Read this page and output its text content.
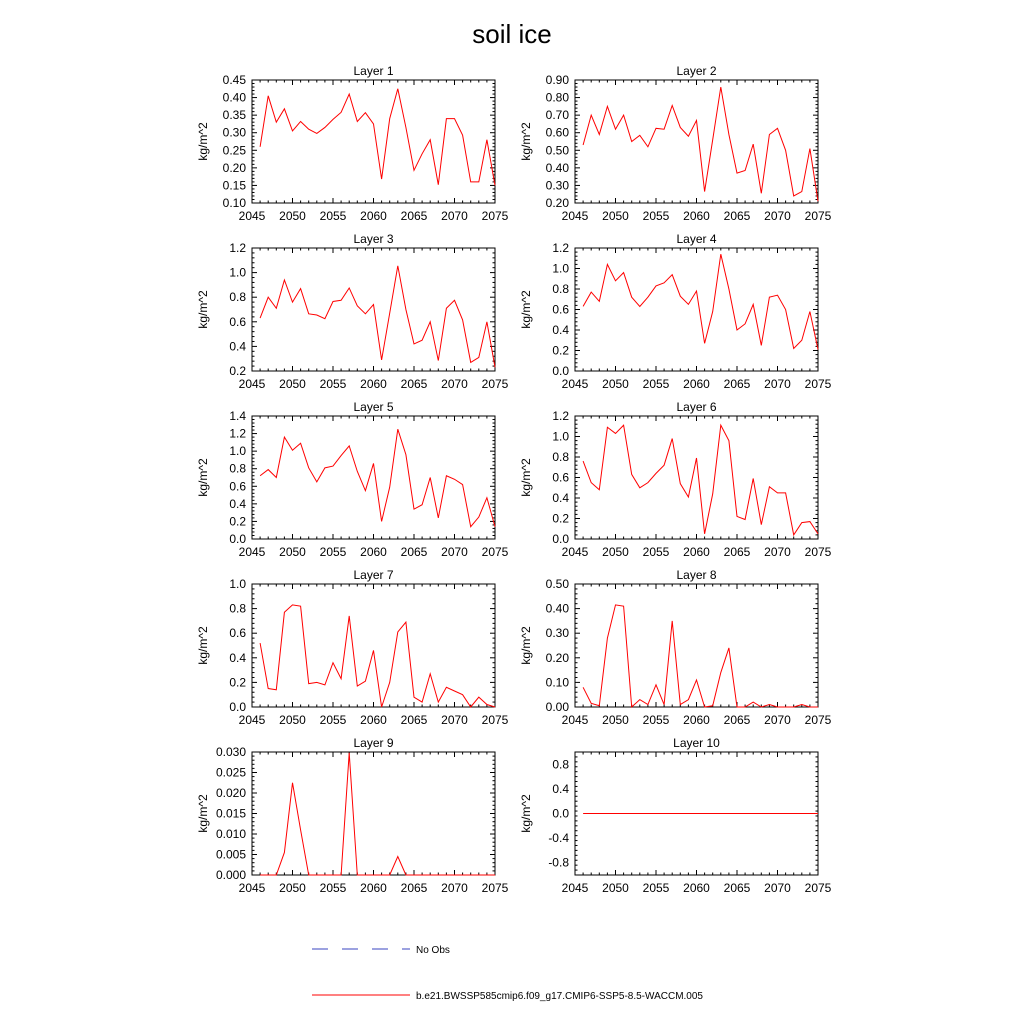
soil ice
Layer 1
kg/m^2
2045 2050 2055 2060 2065 2070 2075
0.10
0.15
0.20
0.25
0.30
0.35
0.40
0.45
Layer 2
kg/m^2
2045 2050 2055 2060 2065 2070 2075
0.20
0.30
0.40
0.50
0.60
0.70
0.80
0.90
Layer 3
kg/m^2
2045 2050 2055 2060 2065 2070 2075
0.2
0.4
0.6
0.8
1.0
1.2
Layer 4
kg/m^2
2045 2050 2055 2060 2065 2070 2075
0.0
0.2
0.4
0.6
0.8
1.0
1.2
Layer 5
kg/m^2
2045 2050 2055 2060 2065 2070 2075
0.0
0.2
0.4
0.6
0.8
1.0
1.2
1.4
Layer 6
kg/m^2
2045 2050 2055 2060 2065 2070 2075
0.0
0.2
0.4
0.6
0.8
1.0
1.2
Layer 7
kg/m^2
2045 2050 2055 2060 2065 2070 2075
0.0
0.2
0.4
0.6
0.8
1.0
Layer 8
kg/m^2
2045 2050 2055 2060 2065 2070 2075
0.00
0.10
0.20
0.30
0.40
0.50
Layer 9
kg/m^2
2045 2050 2055 2060 2065 2070 2075
0.000
0.005
0.010
0.015
0.020
0.025
0.030
Layer 10
kg/m^2
2045 2050 2055 2060 2065 2070 2075
-0.8
-0.4
0.0
0.4
0.8
No Obs
b.e21.BWSSP585cmip6.f09_g17.CMIP6-SSP5-8.5-WACCM.005
